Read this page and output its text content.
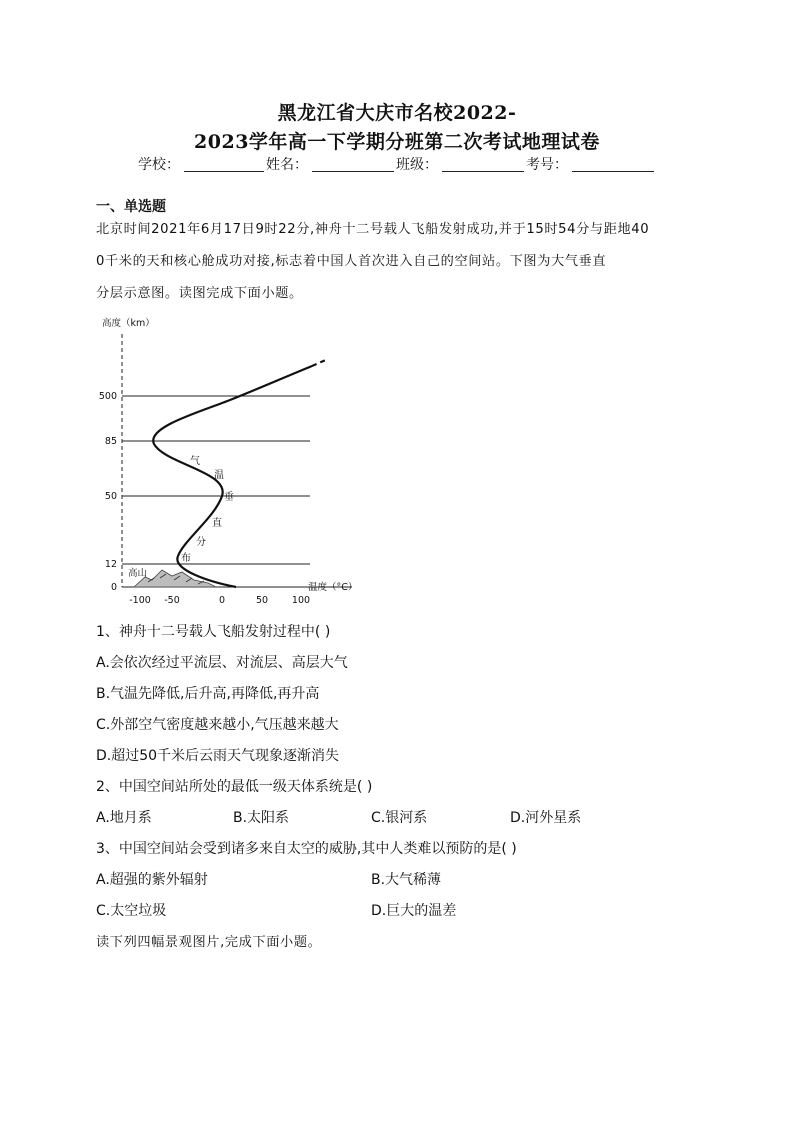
黑龙江省大庆市名校2022-
2023学年高一下学期分班第二次考试地理试卷
学校：	姓名：	班级：	考号：
一、单选题
北京时间2021年6月17日9时22分,神舟十二号载人飞船发射成功,并于15时54分与距地40
0千米的天和核心舱成功对接,标志着中国人首次进入自己的空间站。下图为大气垂直
分层示意图。读图完成下面小题。
高度（km）
500
85
50
12
0
-100 -50	0	50	100
温度（°C）
高山
气
温
垂
直
分
布
1、神舟十二号载人飞船发射过程中( )
A.会依次经过平流层、对流层、高层大气
B.气温先降低,后升高,再降低,再升高
C.外部空气密度越来越小,气压越来越大
D.超过50千米后云雨天气现象逐渐消失
2、中国空间站所处的最低一级天体系统是( )
A.地月系	B.太阳系	C.银河系	D.河外星系
3、中国空间站会受到诸多来自太空的威胁,其中人类难以预防的是( )
A.超强的紫外辐射	B.大气稀薄
C.太空垃圾	D.巨大的温差
读下列四幅景观图片,完成下面小题。
